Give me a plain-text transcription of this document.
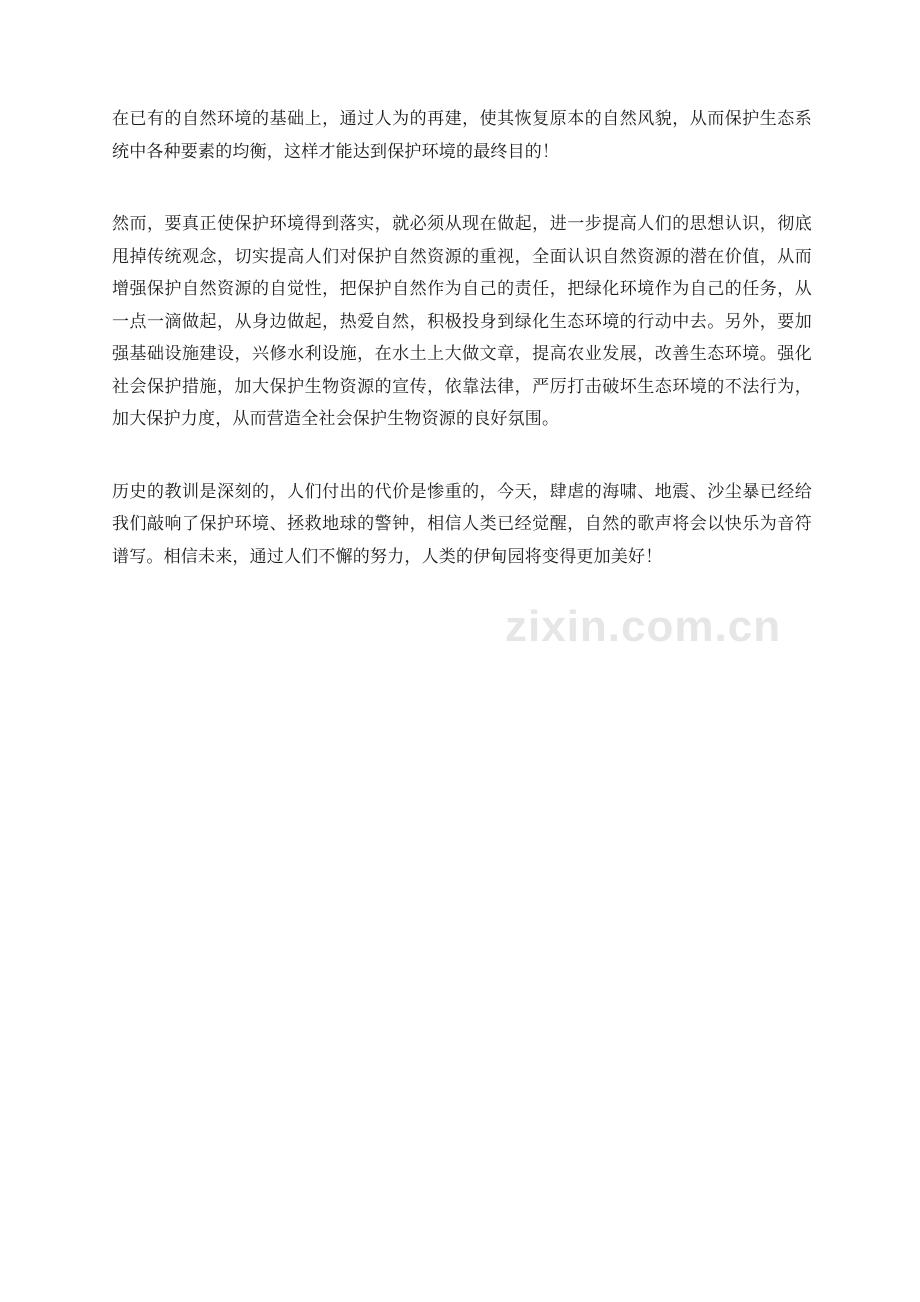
zixin.com.cn

在已有的自然环境的基础上，通过人为的再建，使其恢复原本的自然风貌，从而保护生态系统中各种要素的均衡，这样才能达到保护环境的最终目的！

然而，要真正使保护环境得到落实，就必须从现在做起，进一步提高人们的思想认识，彻底甩掉传统观念，切实提高人们对保护自然资源的重视，全面认识自然资源的潜在价值，从而增强保护自然资源的自觉性，把保护自然作为自己的责任，把绿化环境作为自己的任务，从一点一滴做起，从身边做起，热爱自然，积极投身到绿化生态环境的行动中去。另外，要加强基础设施建设，兴修水利设施，在水土上大做文章，提高农业发展，改善生态环境。强化社会保护措施，加大保护生物资源的宣传，依靠法律，严厉打击破坏生态环境的不法行为，加大保护力度，从而营造全社会保护生物资源的良好氛围。

历史的教训是深刻的，人们付出的代价是惨重的，今天，肆虐的海啸、地震、沙尘暴已经给我们敲响了保护环境、拯救地球的警钟，相信人类已经觉醒，自然的歌声将会以快乐为音符谱写。相信未来，通过人们不懈的努力，人类的伊甸园将变得更加美好！
